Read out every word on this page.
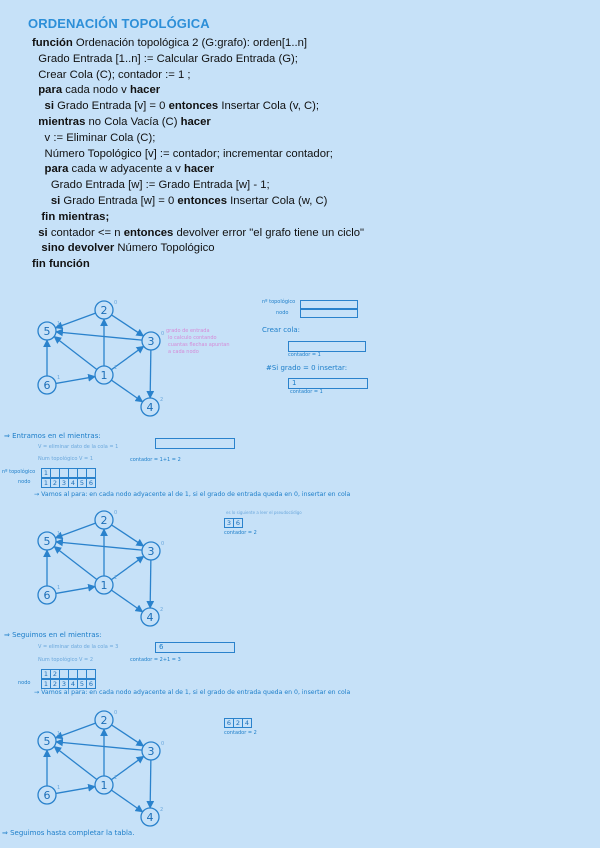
ORDENACIÓN TOPOLÓGICA
función Ordenación topológica 2 (G:grafo): orden[1..n]
Grado Entrada [1..n] := Calcular Grado Entrada (G);
Crear Cola (C); contador := 1 ;
para cada nodo v hacer
si Grado Entrada [v] = 0 entonces Insertar Cola (v, C);
mientras no Cola Vacía (C) hacer
v := Eliminar Cola (C);
Número Topológico [v] := contador; incrementar contador;
para cada w adyacente a v hacer
Grado Entrada [w] := Grado Entrada [w] - 1;
si Grado Entrada [w] = 0 entonces Insertar Cola (w, C)
fin mientras;
si contador <= n entonces devolver error "el grafo tiene un ciclo"
sino devolver Número Topológico
fin función
nº topológico
nodo
Crear cola:
contador = 1
#Si grado = 0 insertar:
1
contador = 1
grado de entrada
lo calculo contando
cuantas flechas apuntan
a cada nodo
⇒ Entramos en el mientras:
V = eliminar dato de la cola = 1
Num topológico V = 1	contador = 1+1 = 2
nº topológico
nodo
1
1 2 3 4 5 6
→ Vamos al para: en cada nodo adyacente al de 1, si el grado de entrada queda en 0, insertar en cola
es lo siguiente a leer el pseudocódigo
3 6
contador = 2
⇒ Seguimos en el mientras:
V = eliminar dato de la cola = 3	6
Num topológico V = 2	contador = 2+1 = 3
nodo
1 2
1 2 3 4 5 6
→ Vamos al para: en cada nodo adyacente al de 1, si el grado de entrada queda en 0, insertar en cola
6 2 4
contador = 2
⇒ Seguimos hasta completar la tabla.
1
1
2
0
3
0
4
2
5
1
6
1
1
1
2
0
3
0
4
2
5
1
6
1
1
1
2
0
3
0
4
2
5
1
6
1
